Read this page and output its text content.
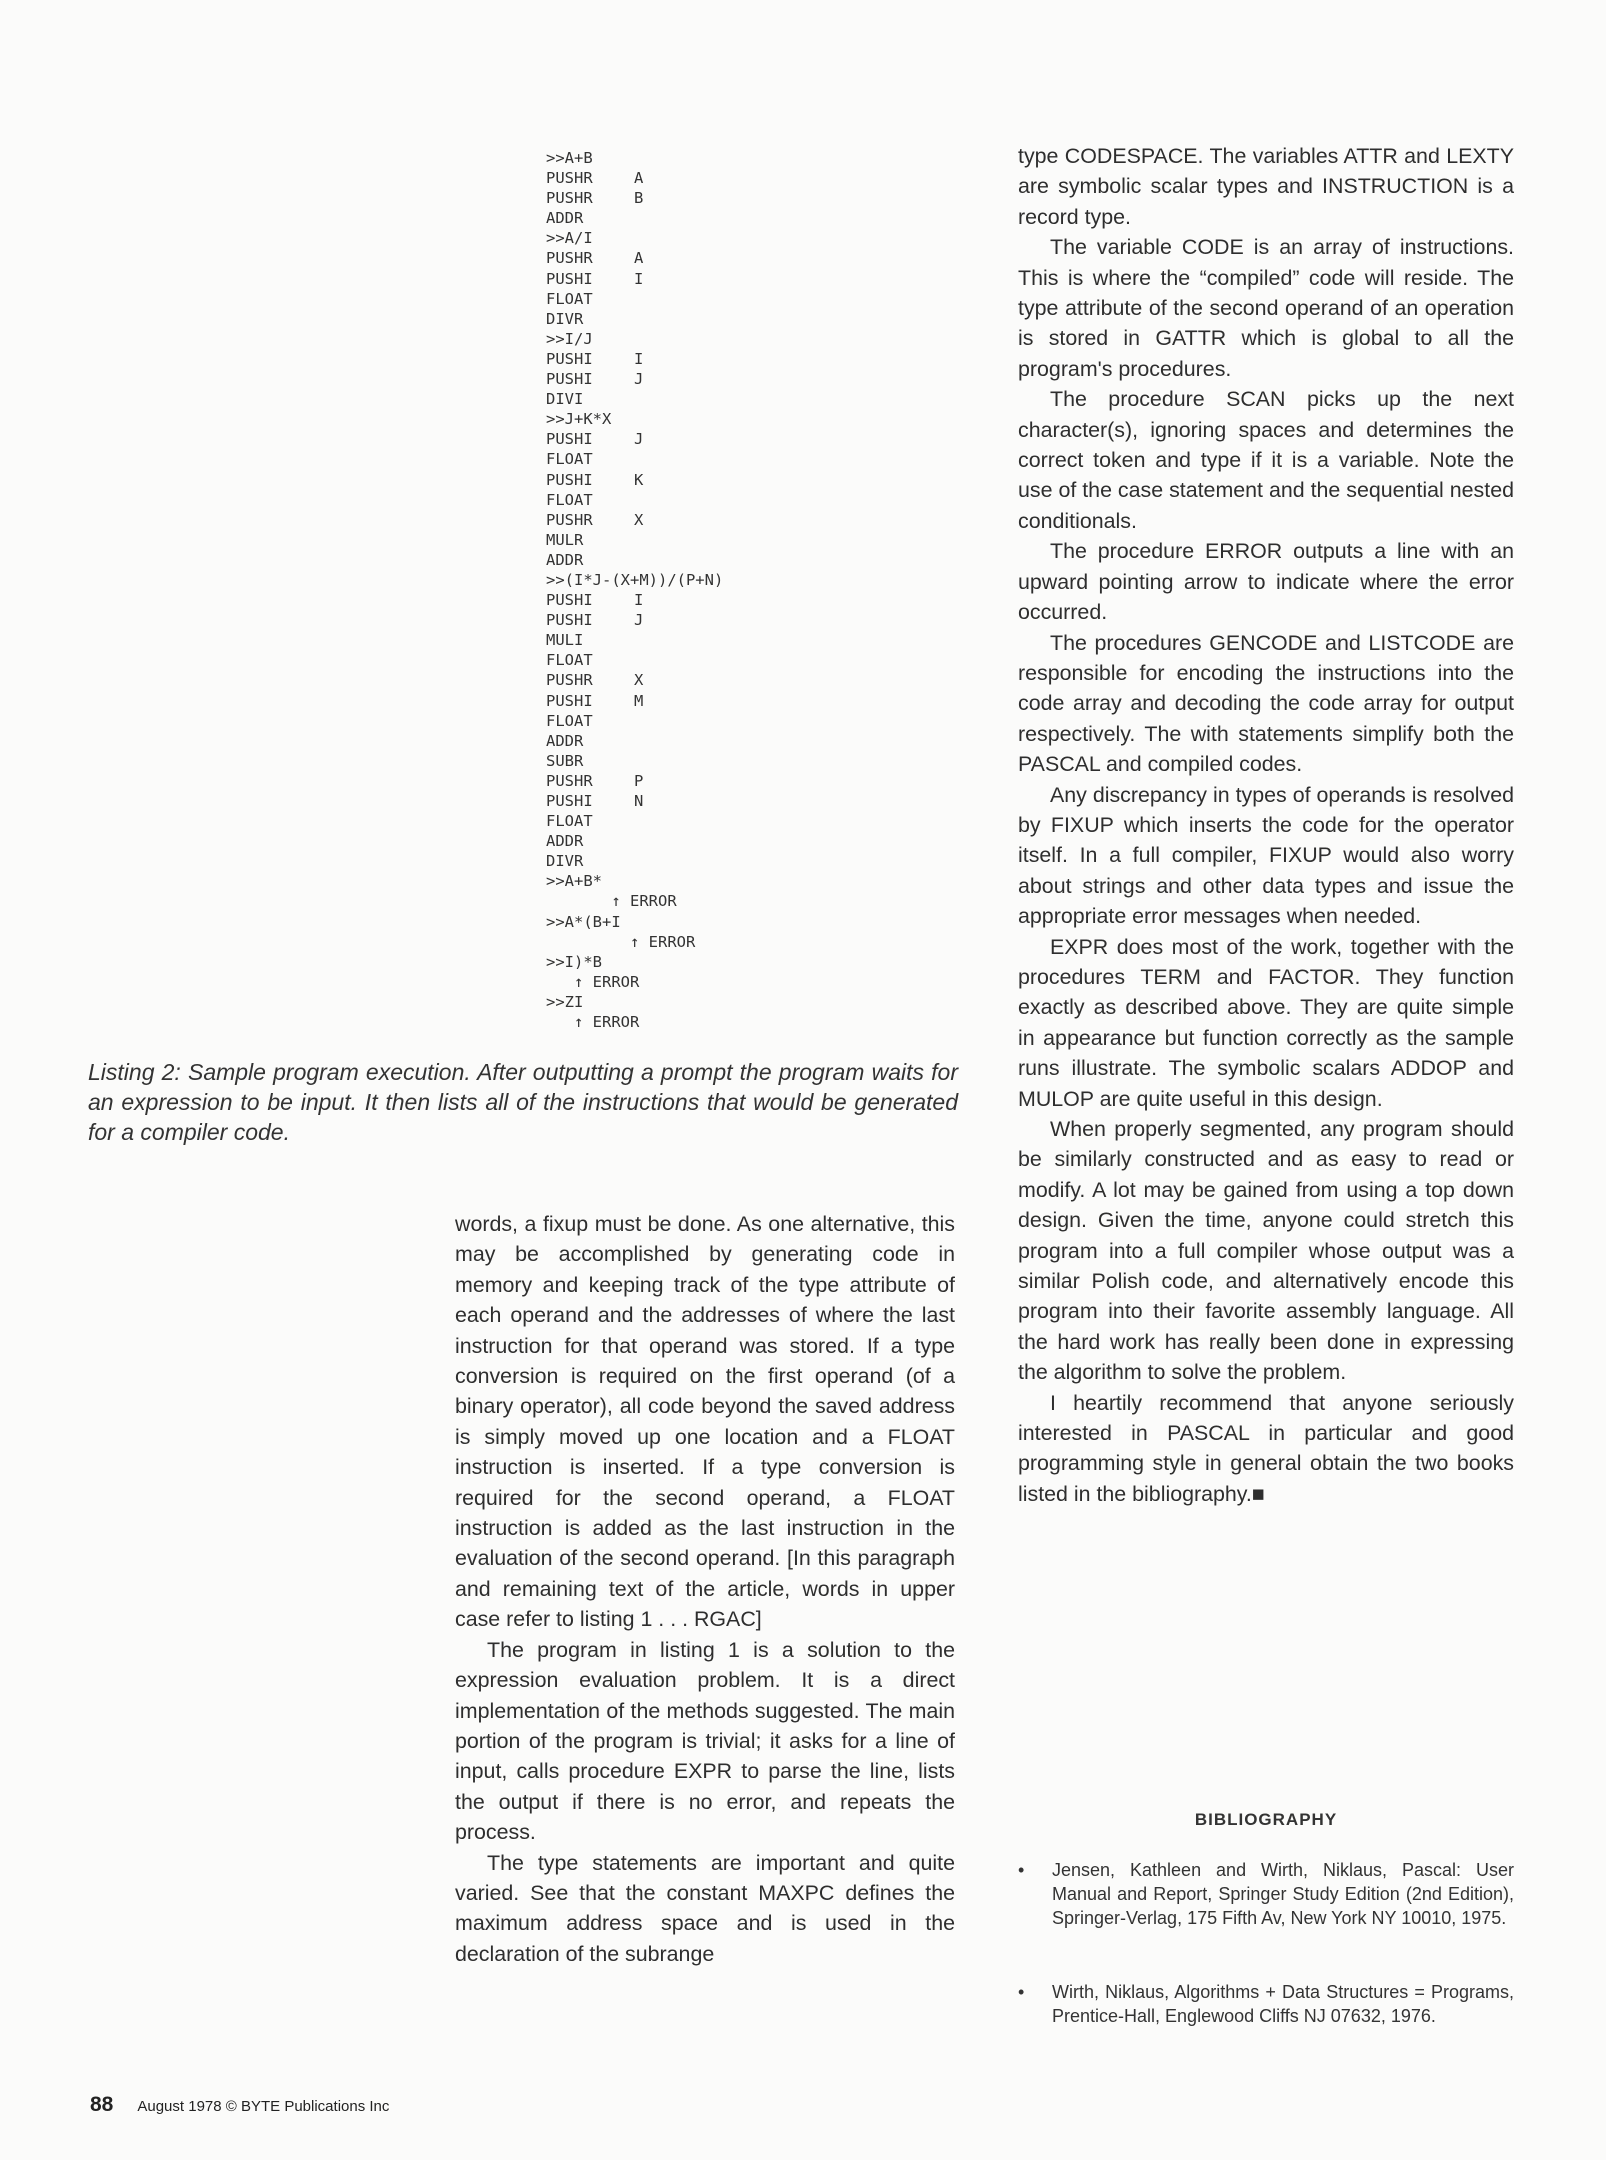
>>A+B
PUSHR	A
PUSHR	B
ADDR
>>A/I
PUSHR	A
PUSHI	I
FLOAT
DIVR
>>I/J
PUSHI	I
PUSHI	J
DIVI
>>J+K*X
PUSHI	J
FLOAT
PUSHI	K
FLOAT
PUSHR	X
MULR
ADDR
>>(I*J-(X+M))/(P+N)
PUSHI	I
PUSHI	J
MULI
FLOAT
PUSHR	X
PUSHI	M
FLOAT
ADDR
SUBR
PUSHR	P
PUSHI	N
FLOAT
ADDR
DIVR
>>A+B*
↑ ERROR
>>A*(B+I
↑ ERROR
>>I)*B
↑ ERROR
>>ZI
↑ ERROR
Listing 2: Sample program execution. After outputting a prompt the program waits for an expression to be input. It then lists all of the instructions that would be generated for a compiler code.

words, a fixup must be done. As one alternative, this may be accomplished by generating code in memory and keeping track of the type attribute of each operand and the addresses of where the last instruction for that operand was stored. If a type conversion is required on the first operand (of a binary operator), all code beyond the saved address is simply moved up one location and a FLOAT instruction is inserted. If a type conversion is required for the second operand, a FLOAT instruction is added as the last instruction in the evaluation of the second operand. [In this paragraph and remaining text of the article, words in upper case refer to listing 1 . . . RGAC]

The program in listing 1 is a solution to the expression evaluation problem. It is a direct implementation of the methods suggested. The main portion of the program is trivial; it asks for a line of input, calls procedure EXPR to parse the line, lists the output if there is no error, and repeats the process.

The type statements are important and quite varied. See that the constant MAXPC defines the maximum address space and is used in the declaration of the subrange

type CODESPACE. The variables ATTR and LEXTY are symbolic scalar types and INSTRUCTION is a record type.

The variable CODE is an array of instructions. This is where the “compiled” code will reside. The type attribute of the second operand of an operation is stored in GATTR which is global to all the program's procedures.

The procedure SCAN picks up the next character(s), ignoring spaces and determines the correct token and type if it is a variable. Note the use of the case statement and the sequential nested conditionals.

The procedure ERROR outputs a line with an upward pointing arrow to indicate where the error occurred.

The procedures GENCODE and LISTCODE are responsible for encoding the instructions into the code array and decoding the code array for output respectively. The with statements simplify both the PASCAL and compiled codes.

Any discrepancy in types of operands is resolved by FIXUP which inserts the code for the operator itself. In a full compiler, FIXUP would also worry about strings and other data types and issue the appropriate error messages when needed.

EXPR does most of the work, together with the procedures TERM and FACTOR. They function exactly as described above. They are quite simple in appearance but function correctly as the sample runs illustrate. The symbolic scalars ADDOP and MULOP are quite useful in this design.

When properly segmented, any program should be similarly constructed and as easy to read or modify. A lot may be gained from using a top down design. Given the time, anyone could stretch this program into a full compiler whose output was a similar Polish code, and alternatively encode this program into their favorite assembly language. All the hard work has really been done in expressing the algorithm to solve the problem.

I heartily recommend that anyone seriously interested in PASCAL in particular and good programming style in general obtain the two books listed in the bibliography.■

BIBLIOGRAPHY
• Jensen, Kathleen and Wirth, Niklaus, Pascal: User Manual and Report, Springer Study Edition (2nd Edition), Springer-Verlag, 175 Fifth Av, New York NY 10010, 1975.
• Wirth, Niklaus, Algorithms + Data Structures = Programs, Prentice-Hall, Englewood Cliffs NJ 07632, 1976.
88 August 1978 © BYTE Publications Inc
